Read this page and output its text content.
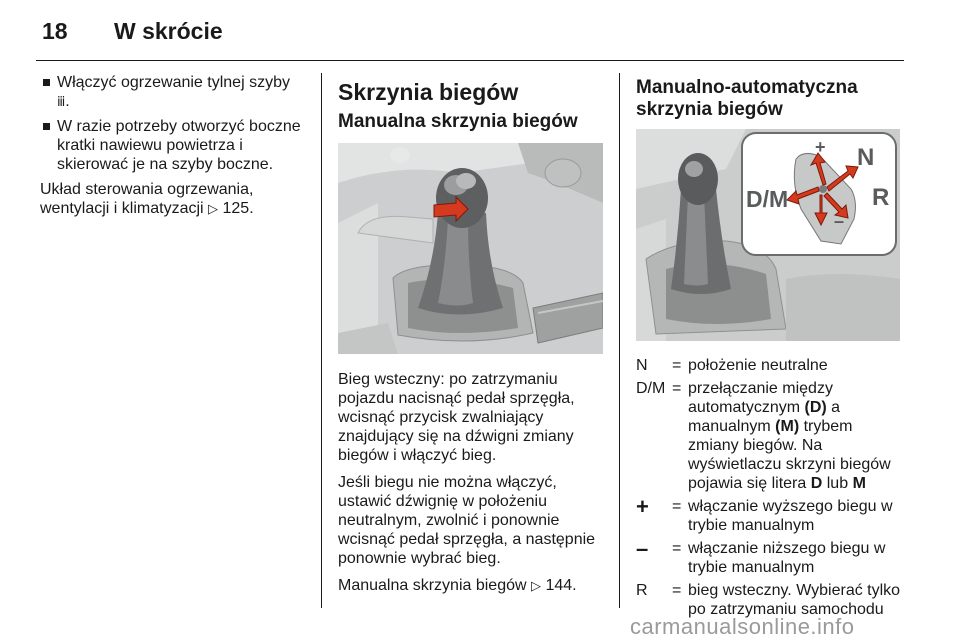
18 W skrócie
Włączyć ogrzewanie tylnej szyby ⅲ.
W razie potrzeby otworzyć boczne kratki nawiewu powietrza i skierować je na szyby boczne.

Układ sterowania ogrzewania, wentylacji i klimatyzacji ▷ 125.

Skrzynia biegów
Manualna skrzynia biegów

Bieg wsteczny: po zatrzymaniu pojazdu nacisnąć pedał sprzęgła, wcisnąć przycisk zwalniający znajdujący się na dźwigni zmiany biegów i włączyć bieg.

Jeśli biegu nie można włączyć, ustawić dźwignię w położeniu neutralnym, zwolnić i ponownie wcisnąć pedał sprzęgła, a następnie ponownie wybrać bieg.

Manualna skrzynia biegów ▷ 144.

Manualno-automatyczna skrzynia biegów
+ N
R
D/M
–
N	= położenie neutralne
D/M = przełączanie między automatycznym (D) a manualnym (M) trybem zmiany biegów. Na wyświetlaczu skrzyni biegów pojawia się litera D lub M
+	= włączanie wyższego biegu w trybie manualnym
–	= włączanie niższego biegu w trybie manualnym
R	= bieg wsteczny. Wybierać tylko po zatrzymaniu samochodu
carmanualsonline.info
